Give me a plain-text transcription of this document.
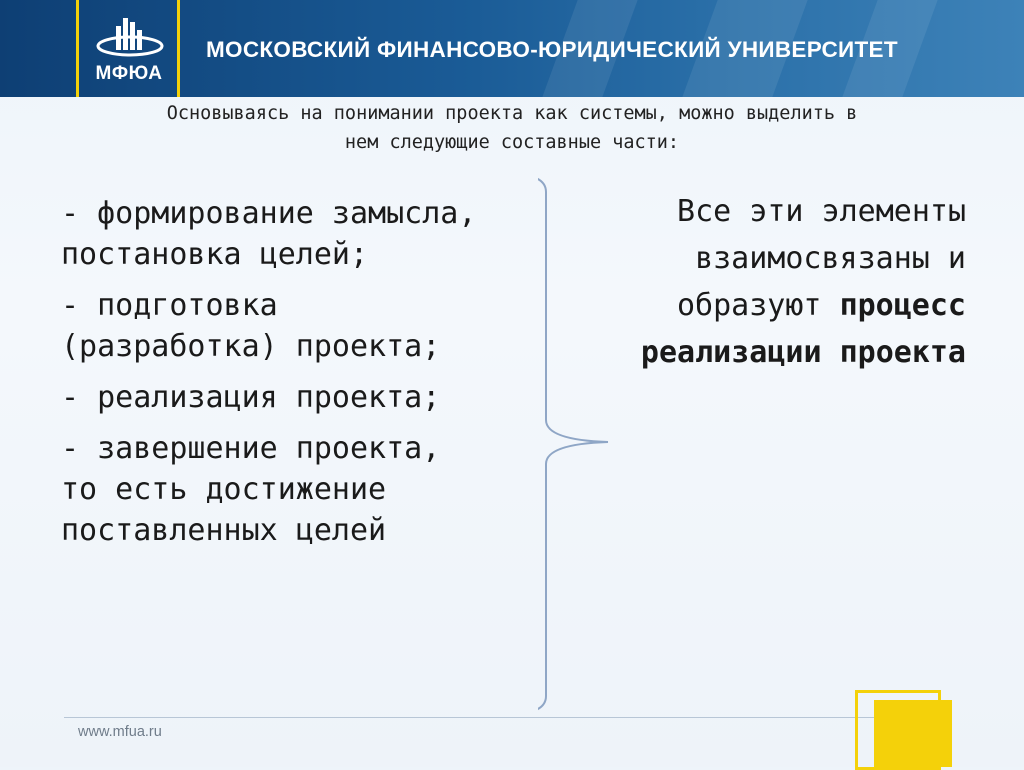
МФЮА
МОСКОВСКИЙ ФИНАНСОВО-ЮРИДИЧЕСКИЙ УНИВЕРСИТЕТ
Основываясь на понимании проекта как системы, можно выделить в
нем следующие составные части:
- формирование замысла, постановка целей;
- подготовка (разработка) проекта;
- реализация проекта;
- завершение проекта, то есть достижение поставленных целей
Все эти элементы взаимосвязаны и образуют процесс реализации проекта
www.mfua.ru
